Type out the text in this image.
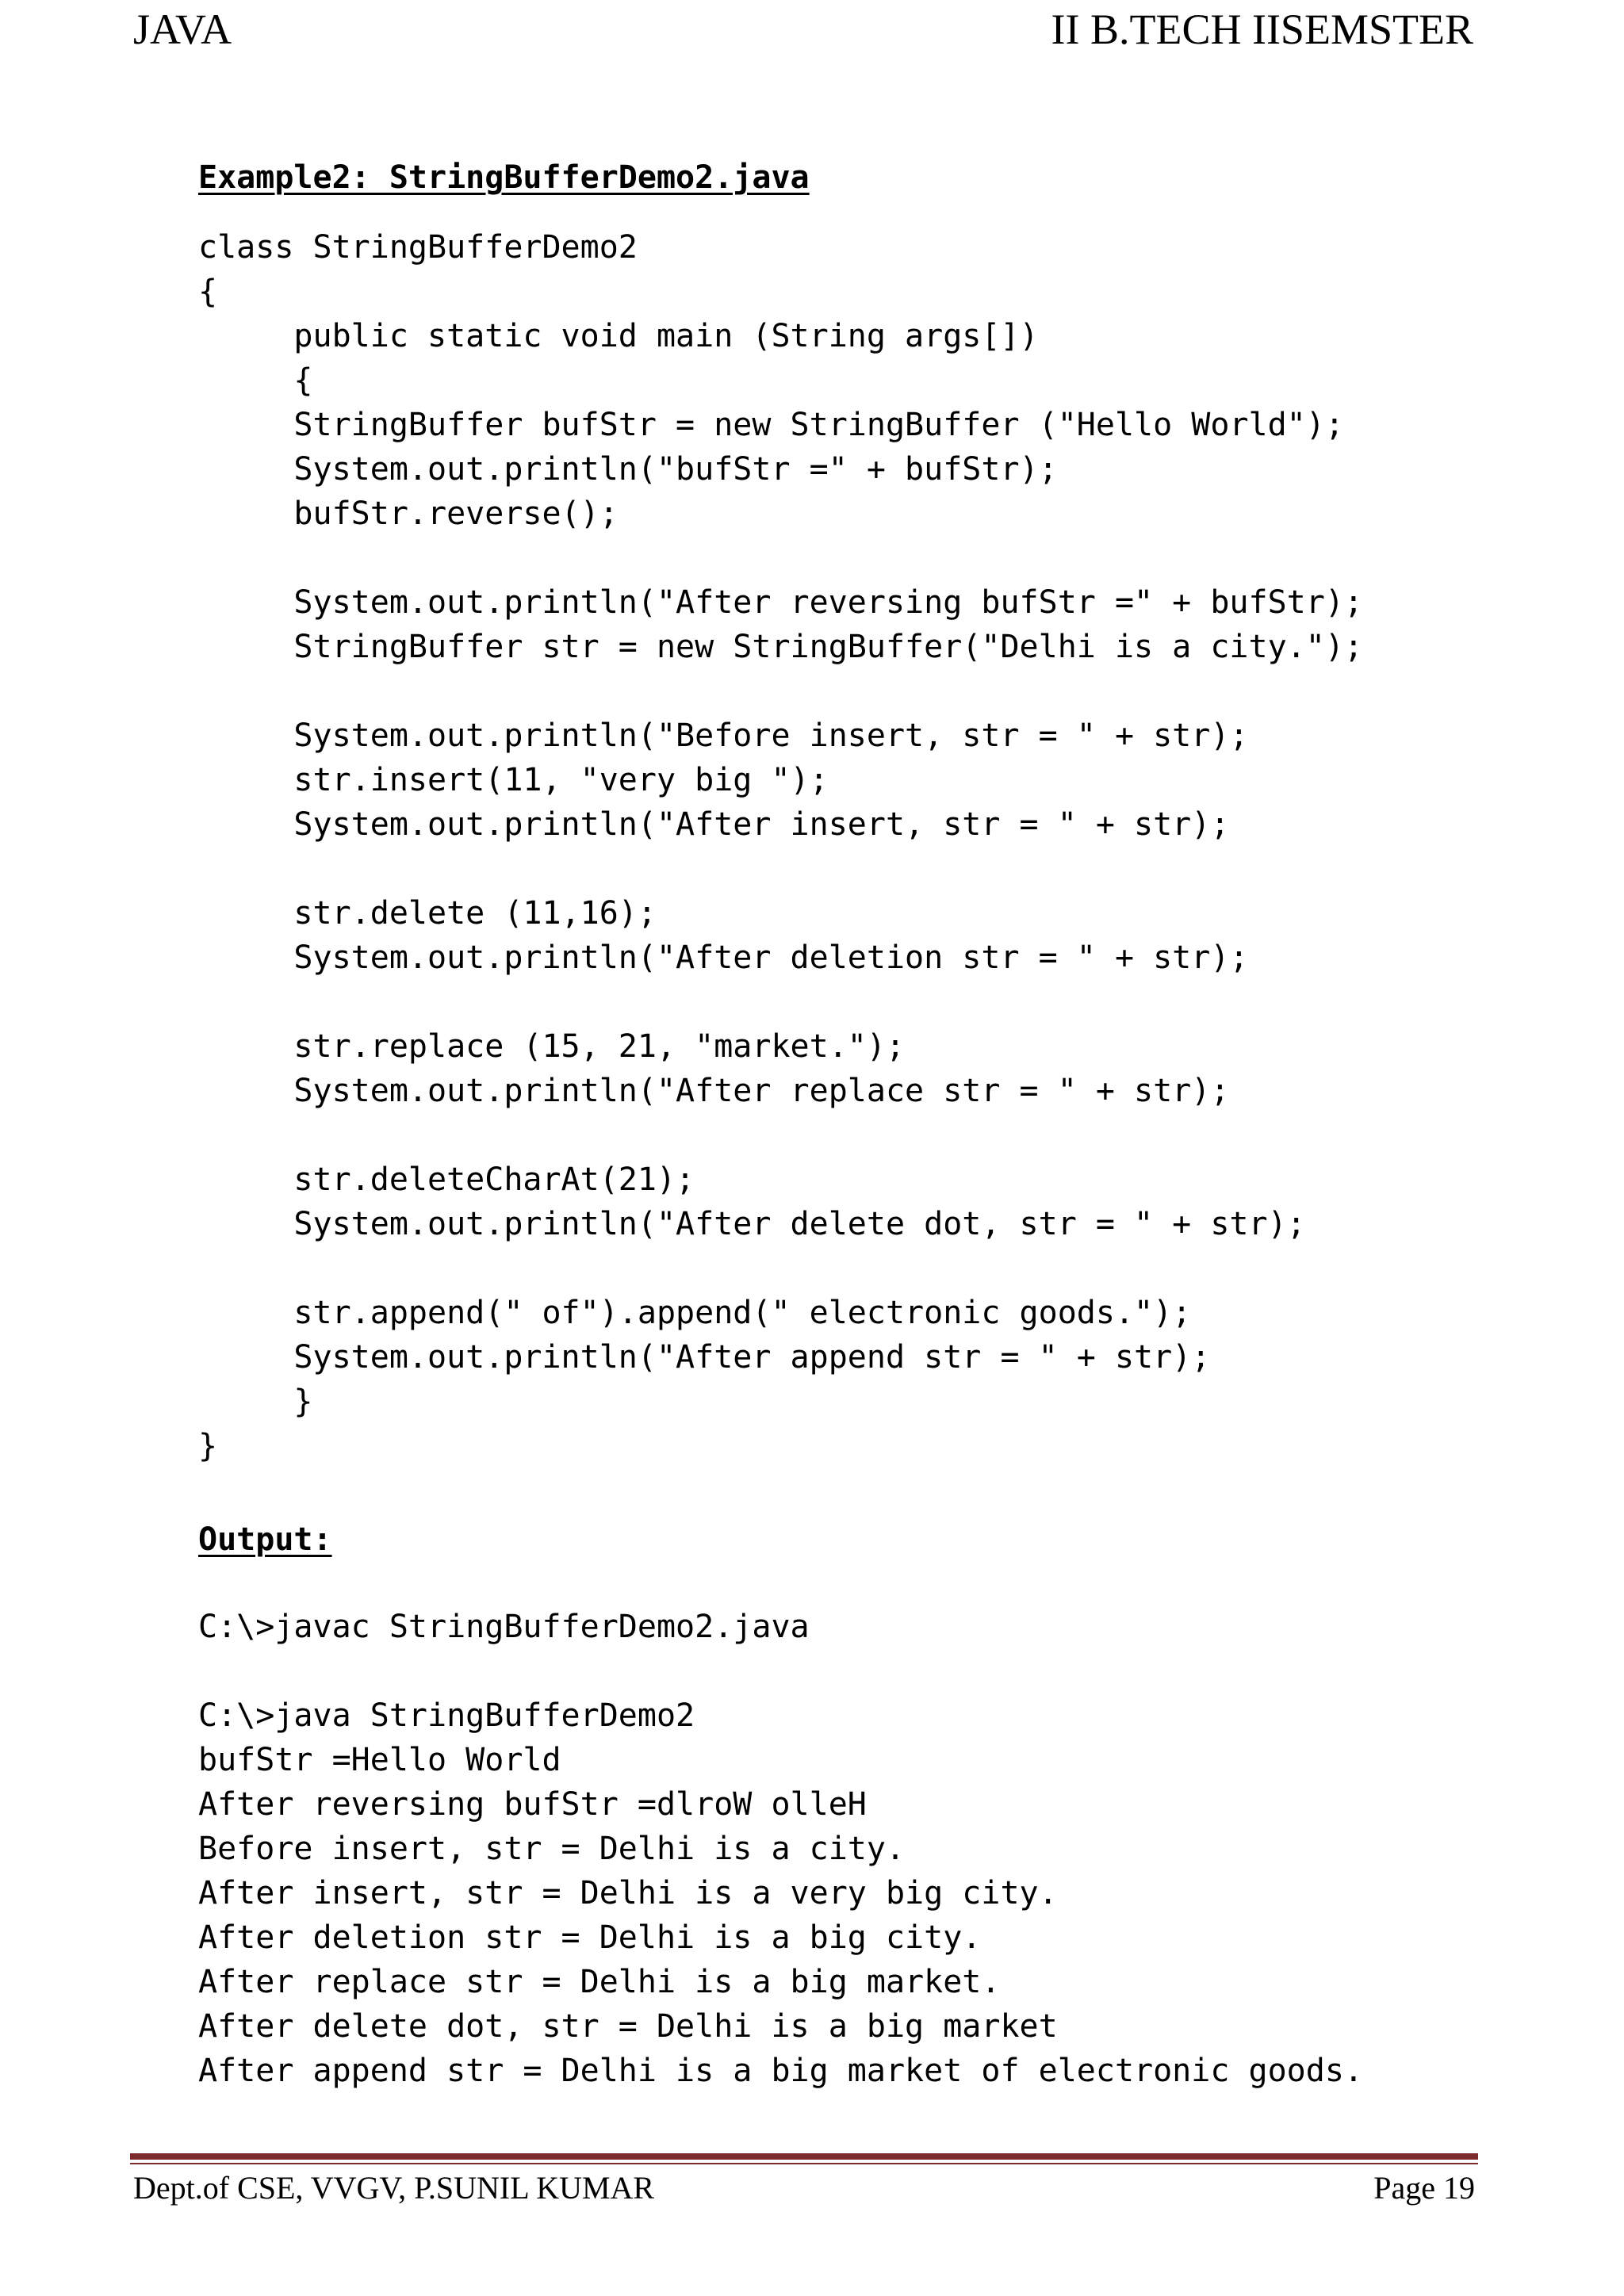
JAVA	II B.TECH IISEMSTER
Example2: StringBufferDemo2.java
class StringBufferDemo2
{
public static void main (String args[])
{
StringBuffer bufStr = new StringBuffer ("Hello World");
System.out.println("bufStr =" + bufStr);
bufStr.reverse();
System.out.println("After reversing bufStr =" + bufStr);
StringBuffer str = new StringBuffer("Delhi is a city.");
System.out.println("Before insert, str = " + str);
str.insert(11, "very big ");
System.out.println("After insert, str = " + str);
str.delete (11,16);
System.out.println("After deletion str = " + str);
str.replace (15, 21, "market.");
System.out.println("After replace str = " + str);
str.deleteCharAt(21);
System.out.println("After delete dot, str = " + str);
str.append(" of").append(" electronic goods.");
System.out.println("After append str = " + str);
}
}
Output:
C:\>javac StringBufferDemo2.java
C:\>java StringBufferDemo2
bufStr =Hello World
After reversing bufStr =dlroW olleH
Before insert, str = Delhi is a city.
After insert, str = Delhi is a very big city.
After deletion str = Delhi is a big city.
After replace str = Delhi is a big market.
After delete dot, str = Delhi is a big market
After append str = Delhi is a big market of electronic goods.
Dept.of CSE, VVGV, P.SUNIL KUMAR	Page 19
